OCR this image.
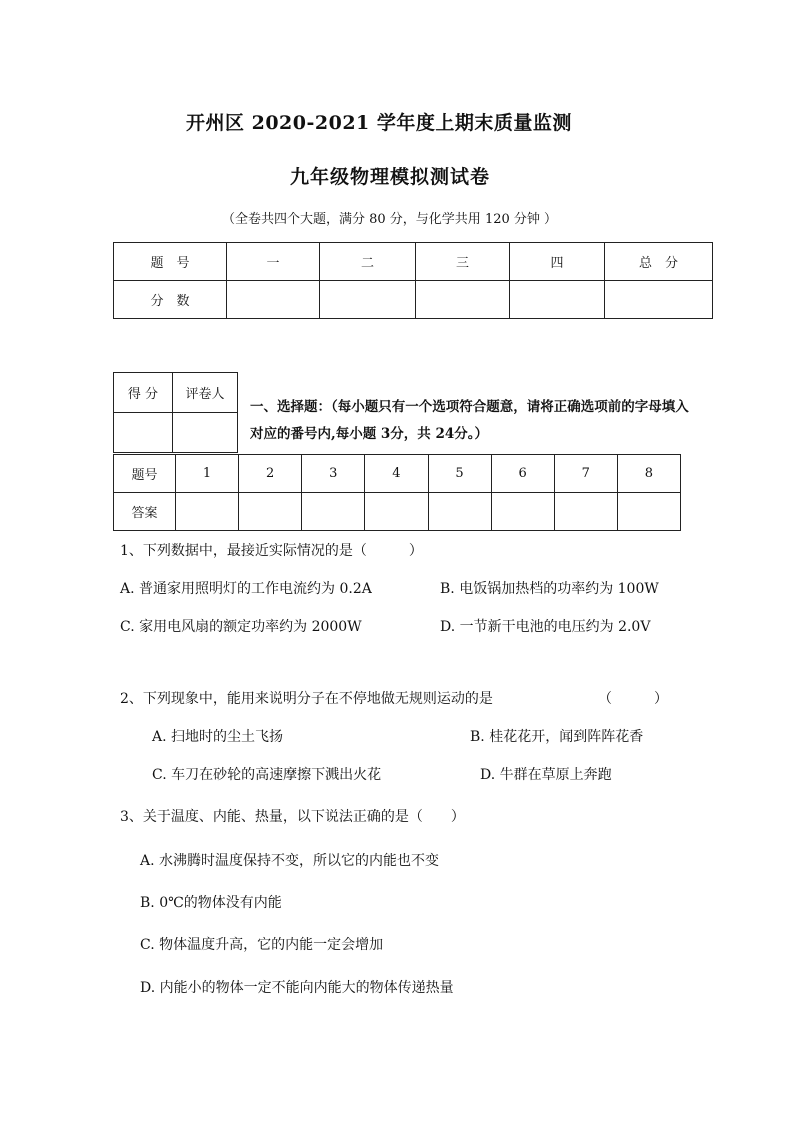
开州区 2020-2021 学年度上期末质量监测
九年级物理模拟测试卷
（全卷共四个大题，满分 80 分，与化学共用 120 分钟 ）
题　号	一	二	三	四	总　分
分　数					
得 分	评卷人

一、选择题：（每小题只有一个选项符合题意，请将正确选项前的字母填入对应的番号内,每小题 3分，共 24分。）
题号	1	2	3	4	5	6	7	8
答案								
1、下列数据中，最接近实际情况的是（　　　）
A. 普通家用照明灯的工作电流约为 0.2A	B. 电饭锅加热档的功率约为 100W
C. 家用电风扇的额定功率约为 2000W	D. 一节新干电池的电压约为 2.0V
2、下列现象中，能用来说明分子在不停地做无规则运动的是	（　　　）
A. 扫地时的尘土飞扬	B. 桂花花开，闻到阵阵花香
C. 车刀在砂轮的高速摩擦下溅出火花	D. 牛群在草原上奔跑
3、关于温度、内能、热量，以下说法正确的是（　　）
A. 水沸腾时温度保持不变，所以它的内能也不变
B. 0℃的物体没有内能
C. 物体温度升高，它的内能一定会增加
D. 内能小的物体一定不能向内能大的物体传递热量
